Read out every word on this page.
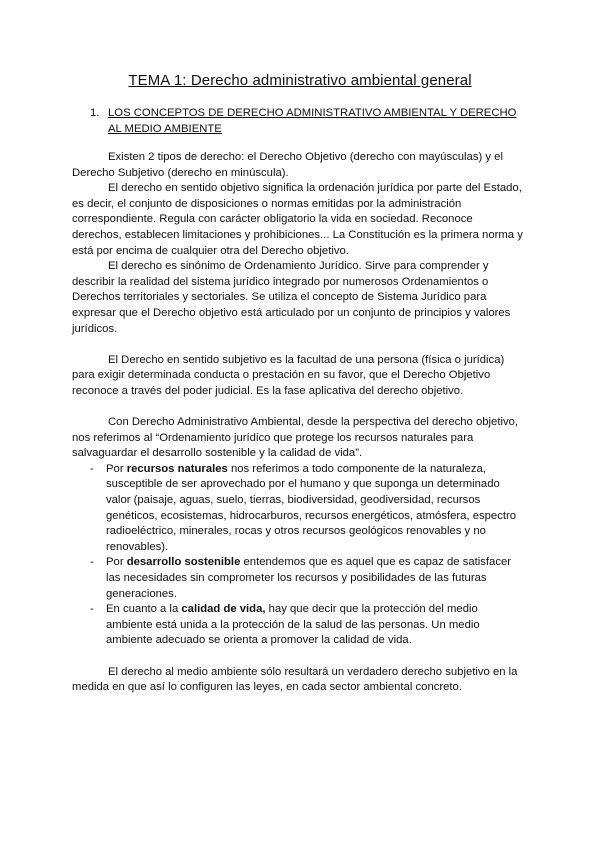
TEMA 1: Derecho administrativo ambiental general
1. LOS CONCEPTOS DE DERECHO ADMINISTRATIVO AMBIENTAL Y DERECHO AL MEDIO AMBIENTE

Existen 2 tipos de derecho: el Derecho Objetivo (derecho con mayúsculas) y el Derecho Subjetivo (derecho en minúscula).

El derecho en sentido objetivo significa la ordenación jurídica por parte del Estado, es decir, el conjunto de disposiciones o normas emitidas por la administración correspondiente. Regula con carácter obligatorio la vida en sociedad. Reconoce derechos, establecen limitaciones y prohibiciones... La Constitución es la primera norma y está por encima de cualquier otra del Derecho objetivo.

El derecho es sinónimo de Ordenamiento Jurídico. Sirve para comprender y describir la realidad del sistema jurídico integrado por numerosos Ordenamientos o Derechos territoriales y sectoriales. Se utiliza el concepto de Sistema Jurídico para expresar que el Derecho objetivo está articulado por un conjunto de principios y valores jurídicos.

El Derecho en sentido subjetivo es la facultad de una persona (física o jurídica) para exigir determinada conducta o prestación en su favor, que el Derecho Objetivo reconoce a través del poder judicial. Es la fase aplicativa del derecho objetivo.

Con Derecho Administrativo Ambiental, desde la perspectiva del derecho objetivo, nos referimos al “Ordenamiento jurídico que protege los recursos naturales para salvaguardar el desarrollo sostenible y la calidad de vida”.

- Por recursos naturales nos referimos a todo componente de la naturaleza, susceptible de ser aprovechado por el humano y que suponga un determinado valor (paisaje, aguas, suelo, tierras, biodiversidad, geodiversidad, recursos genéticos, ecosistemas, hidrocarburos, recursos energéticos, atmósfera, espectro radioeléctrico, minerales, rocas y otros recursos geológicos renovables y no renovables).
- Por desarrollo sostenible entendemos que es aquel que es capaz de satisfacer las necesidades sin comprometer los recursos y posibilidades de las futuras generaciones.
- En cuanto a la calidad de vida, hay que decir que la protección del medio ambiente está unida a la protección de la salud de las personas. Un medio ambiente adecuado se orienta a promover la calidad de vida.

El derecho al medio ambiente sólo resultará un verdadero derecho subjetivo en la medida en que así lo configuren las leyes, en cada sector ambiental concreto.
